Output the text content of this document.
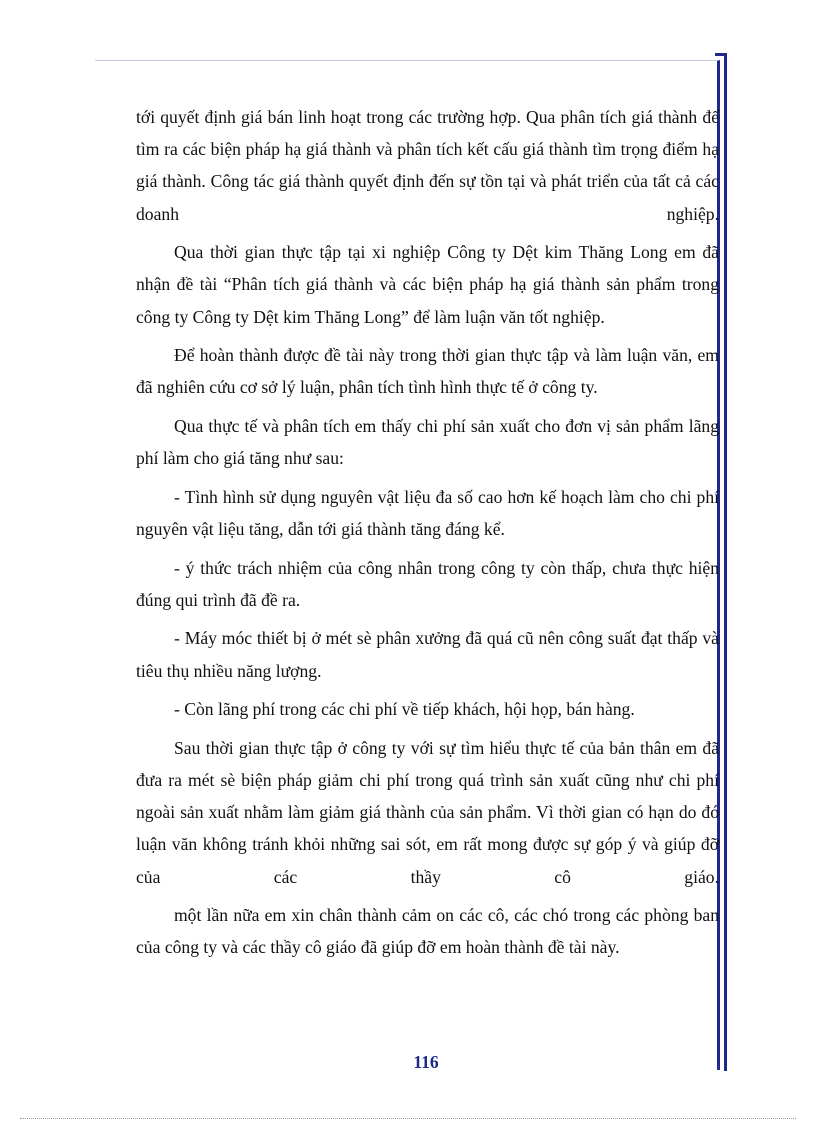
tới quyết định giá bán linh hoạt trong các trường hợp. Qua phân tích giá thành để tìm ra các biện pháp hạ giá thành và phân tích kết cấu giá thành tìm trọng điểm hạ giá thành. Công tác giá thành quyết định đến sự tồn tại và phát triển của tất cả các doanh nghiệp.

Qua thời gian thực tập tại xi nghiệp Công ty Dệt kim Thăng Long em đã nhận đề tài “Phân tích giá thành và các biện pháp hạ giá thành sản phẩm trong công ty Công ty Dệt kim Thăng Long” để làm luận văn tốt nghiệp.

Để hoàn thành được đề tài này trong thời gian thực tập và làm luận văn, em đã nghiên cứu cơ sở lý luận, phân tích tình hình thực tế ở công ty.

Qua thực tế và phân tích em thấy chi phí sản xuất cho đơn vị sản phẩm lãng phí làm cho giá tăng như sau:

- Tình hình sử dụng nguyên vật liệu đa số cao hơn kế hoạch làm cho chi phí nguyên vật liệu tăng, dẫn tới giá thành tăng đáng kể.

- ý thức trách nhiệm của công nhân trong công ty còn thấp, chưa thực hiện đúng qui trình đã đề ra.

- Máy móc thiết bị ở mét sè phân xưởng đã quá cũ nên công suất đạt thấp và tiêu thụ nhiều năng lượng.

- Còn lãng phí trong các chi phí về tiếp khách, hội họp, bán hàng.

Sau thời gian thực tập ở công ty với sự tìm hiểu thực tế của bản thân em đã đưa ra mét sè biện pháp giảm chi phí trong quá trình sản xuất cũng như chi phí ngoài sản xuất nhằm làm giảm giá thành của sản phẩm. Vì thời gian có hạn do đó luận văn không tránh khỏi những sai sót, em rất mong được sự góp ý và giúp đỡ của các thầy cô giáo.

một lần nữa em xin chân thành cảm on các cô, các chó trong các phòng ban của công ty và các thầy cô giáo đã giúp đỡ em hoàn thành đề tài này.

116
